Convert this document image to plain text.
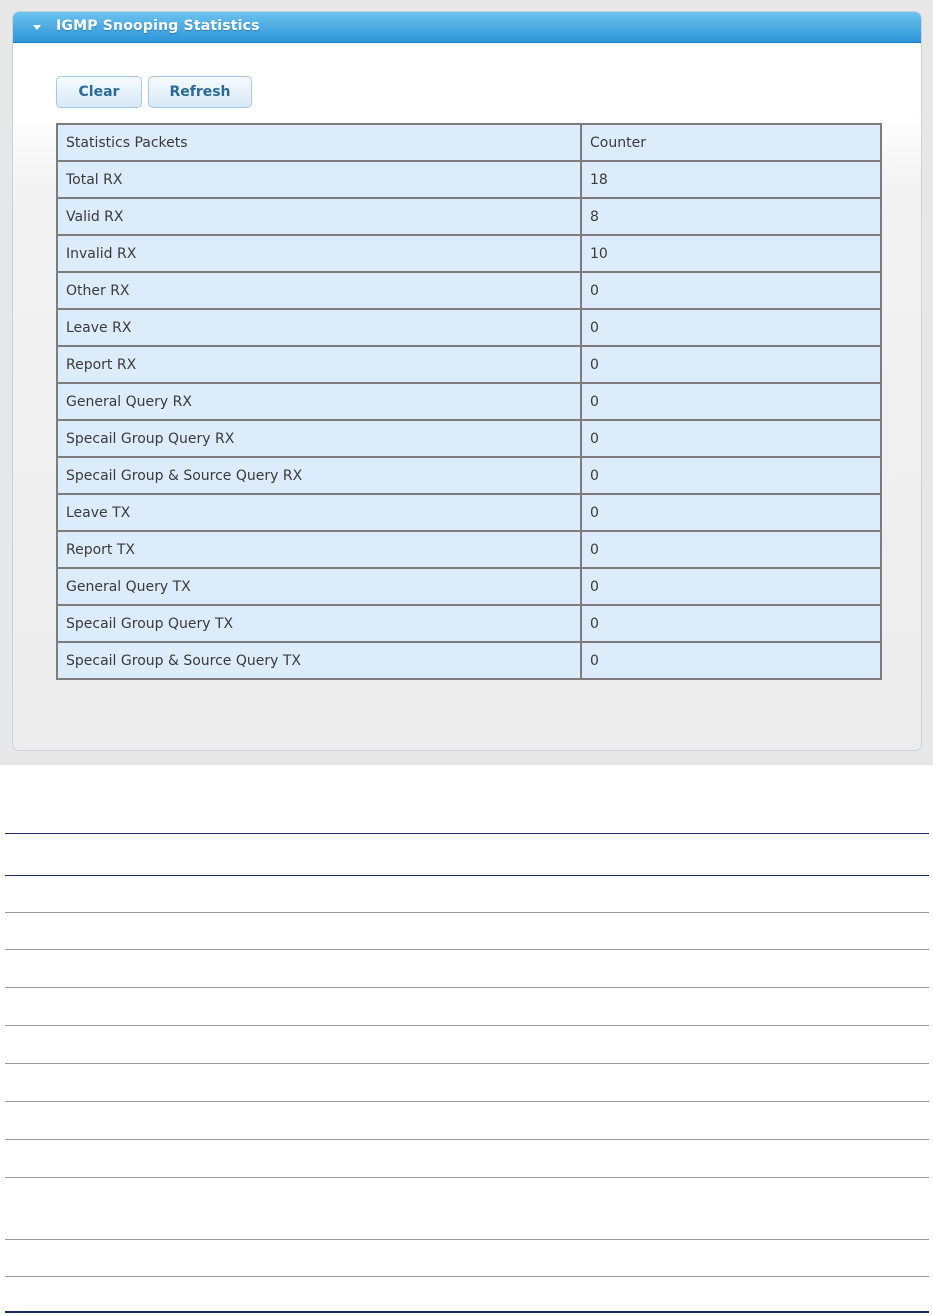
IGMP Snooping Statistics
Clear	Refresh
Statistics Packets	Counter
Total RX	18
Valid RX	8
Invalid RX	10
Other RX	0
Leave RX	0
Report RX	0
General Query RX	0
Specail Group Query RX	0
Specail Group & Source Query RX	0
Leave TX	0
Report TX	0
General Query TX	0
Specail Group Query TX	0
Specail Group & Source Query TX	0
